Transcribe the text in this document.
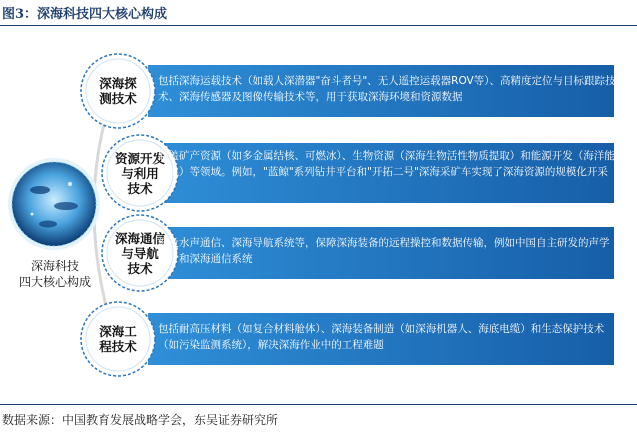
图3：深海科技四大核心构成
深海科技
四大核心构成
深海探
测技术
包括深海运载技术（如载人深潜器"奋斗者号"、无人遥控运载器ROV等）、高精度定位与目标跟踪技术、深海传感器及图像传输技术等，用于获取深海环境和资源数据
资源开发
与利用
技术
涵盖矿产资源（如多金属结核、可燃冰）、生物资源（深海生物活性物质提取）和能源开发（海洋能发电）等领域。例如，"蓝鲸"系列钻井平台和"开拓二号"深海采矿车实现了深海资源的规模化开采
深海通信
与导航
技术
涉及水声通信、深海导航系统等，保障深海装备的远程操控和数据传输，例如中国自主研发的声学芯片和深海通信系统
深海工
程技术
包括耐高压材料（如复合材料舱体）、深海装备制造（如深海机器人、海底电缆）和生态保护技术（如污染监测系统），解决深海作业中的工程难题
数据来源：中国教育发展战略学会，东吴证券研究所
